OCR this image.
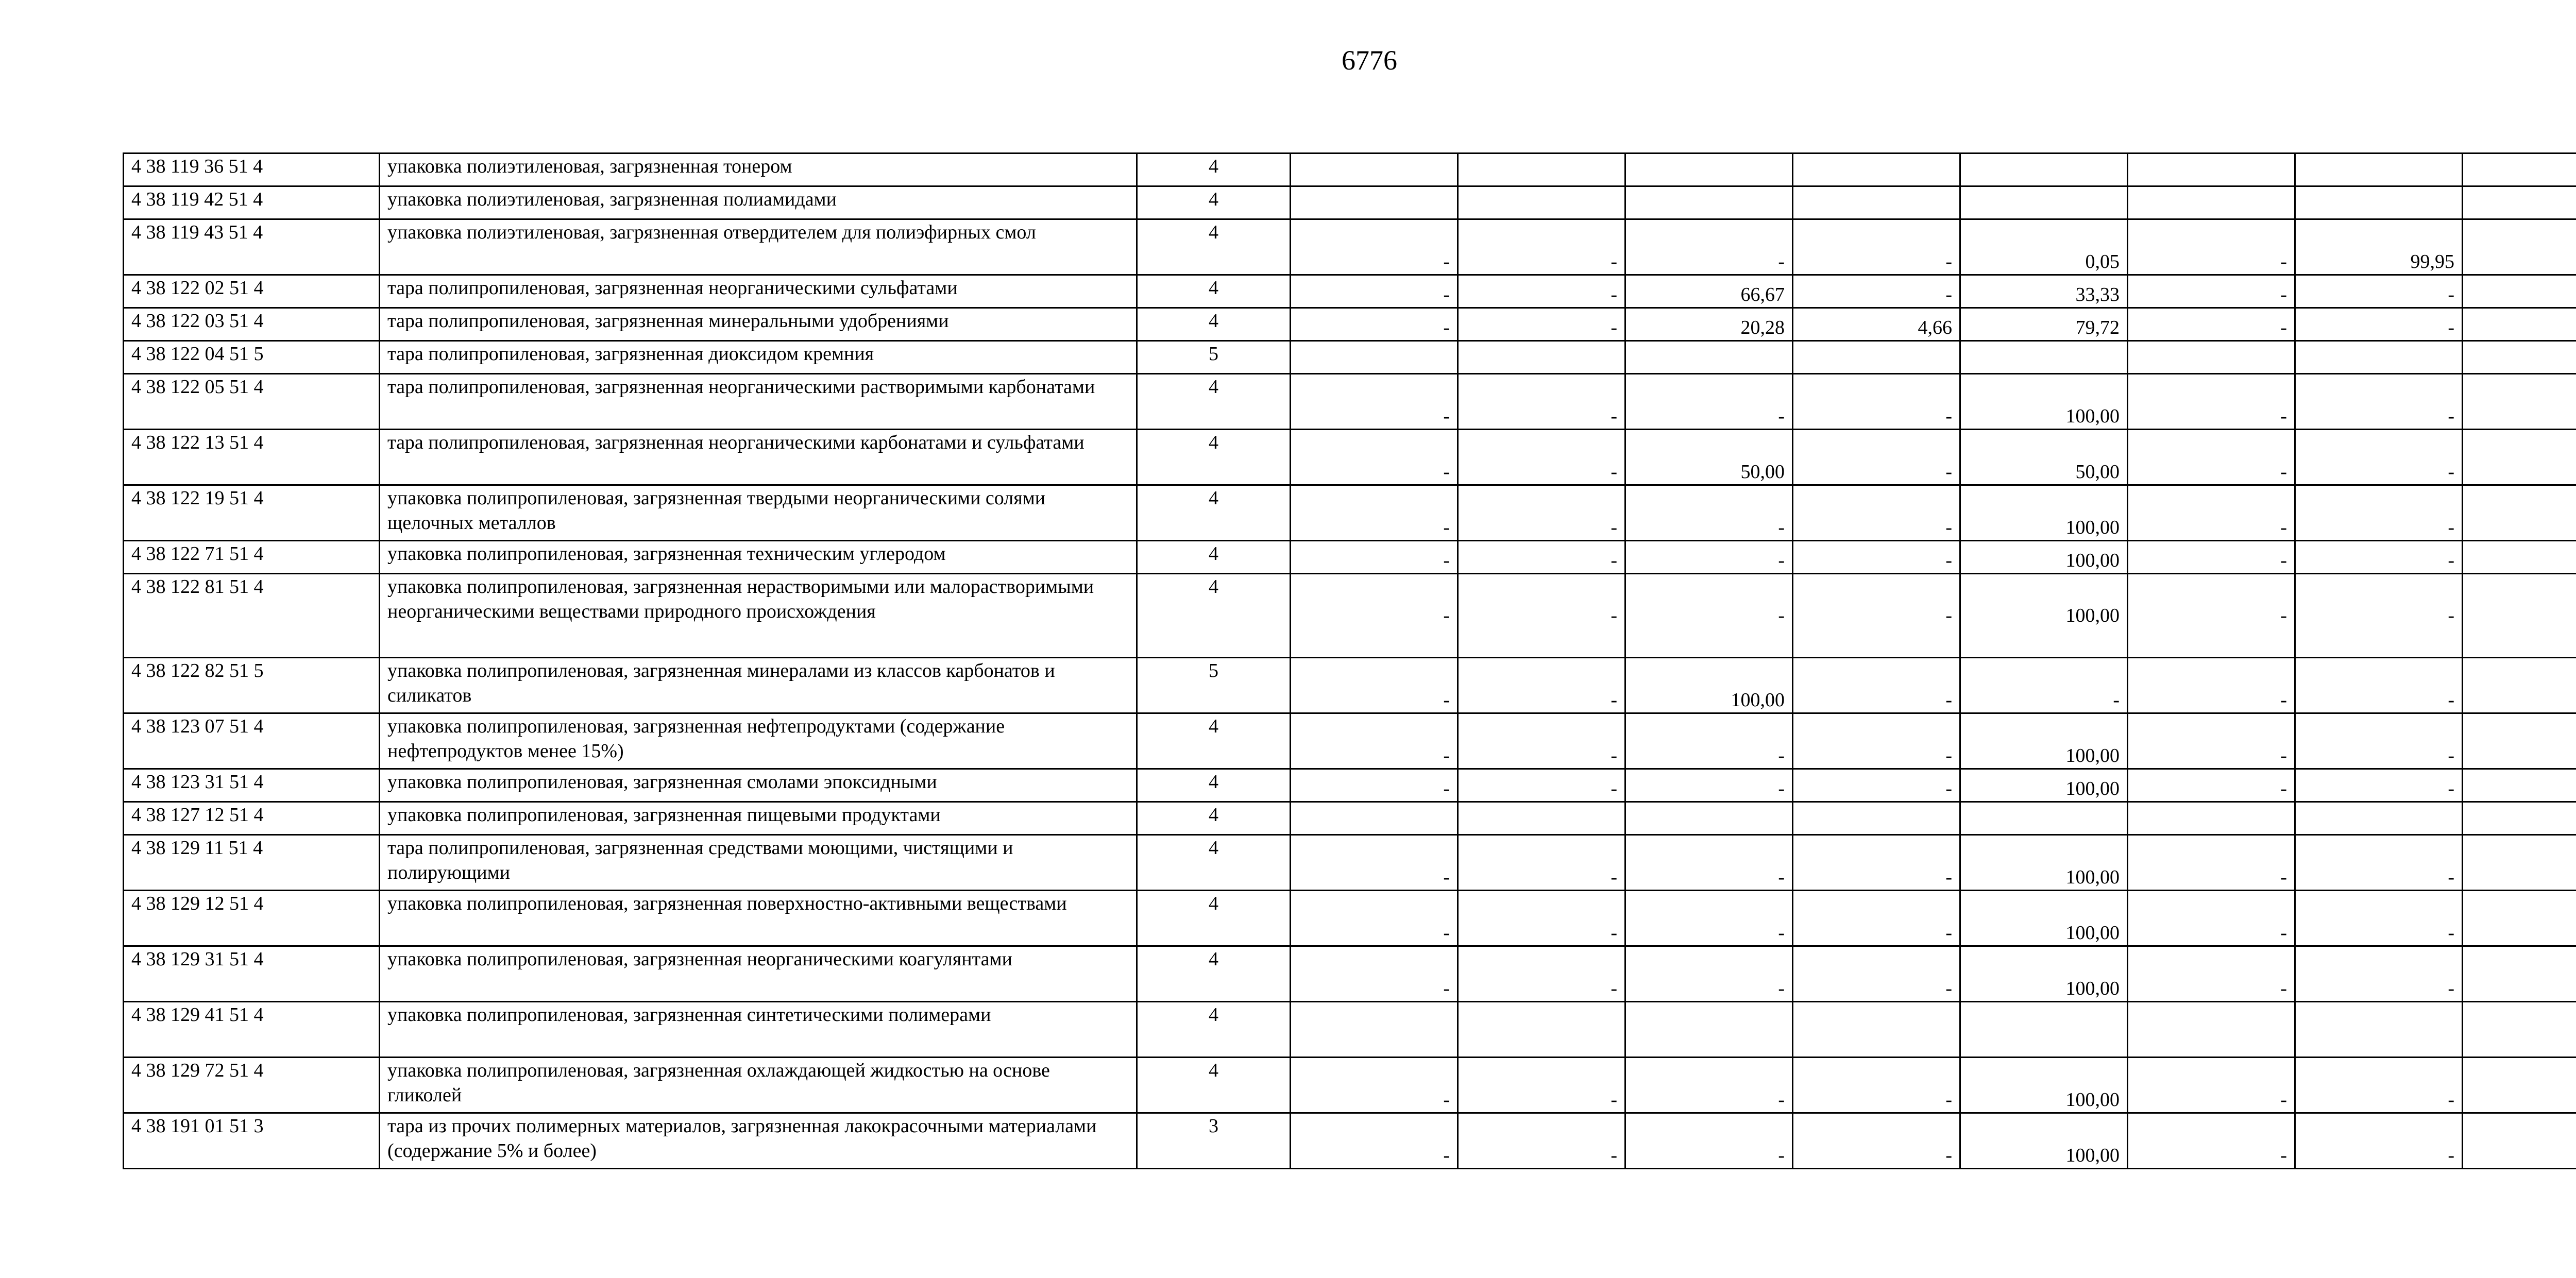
6776
4 38 119 36 51 4	упаковка полиэтиленовая, загрязненная тонером	4								
4 38 119 42 51 4	упаковка полиэтиленовая, загрязненная полиамидами	4								
4 38 119 43 51 4	упаковка полиэтиленовая, загрязненная отвердителем для полиэфирных смол	4	-	-	-	-	0,05	-	99,95	
4 38 122 02 51 4	тара полипропиленовая, загрязненная неорганическими сульфатами	4	-	-	66,67	-	33,33	-	-	
4 38 122 03 51 4	тара полипропиленовая, загрязненная минеральными удобрениями	4	-	-	20,28	4,66	79,72	-	-	
4 38 122 04 51 5	тара полипропиленовая, загрязненная диоксидом кремния	5								
4 38 122 05 51 4	тара полипропиленовая, загрязненная неорганическими растворимыми карбонатами	4	-	-	-	-	100,00	-	-	
4 38 122 13 51 4	тара полипропиленовая, загрязненная неорганическими карбонатами и сульфатами	4	-	-	50,00	-	50,00	-	-	
4 38 122 19 51 4	упаковка полипропиленовая, загрязненная твердыми неорганическими солями щелочных металлов	4	-	-	-	-	100,00	-	-	
4 38 122 71 51 4	упаковка полипропиленовая, загрязненная техническим углеродом	4	-	-	-	-	100,00	-	-	
4 38 122 81 51 4	упаковка полипропиленовая, загрязненная нерастворимыми или малорастворимыми неорганическими веществами природного происхождения	4	-	-	-	-	100,00	-	-	
4 38 122 82 51 5	упаковка полипропиленовая, загрязненная минералами из классов карбонатов и силикатов	5	-	-	100,00	-	-	-	-	
4 38 123 07 51 4	упаковка полипропиленовая, загрязненная нефтепродуктами (содержание нефтепродуктов менее 15%)	4	-	-	-	-	100,00	-	-	
4 38 123 31 51 4	упаковка полипропиленовая, загрязненная смолами эпоксидными	4	-	-	-	-	100,00	-	-	
4 38 127 12 51 4	упаковка полипропиленовая, загрязненная пищевыми продуктами	4								
4 38 129 11 51 4	тара полипропиленовая, загрязненная средствами моющими, чистящими и полирующими	4	-	-	-	-	100,00	-	-	
4 38 129 12 51 4	упаковка полипропиленовая, загрязненная поверхностно-активными веществами	4	-	-	-	-	100,00	-	-	
4 38 129 31 51 4	упаковка полипропиленовая, загрязненная неорганическими коагулянтами	4	-	-	-	-	100,00	-	-	
4 38 129 41 51 4	упаковка полипропиленовая, загрязненная синтетическими полимерами	4								
4 38 129 72 51 4	упаковка полипропиленовая, загрязненная охлаждающей жидкостью на основе гликолей	4	-	-	-	-	100,00	-	-	
4 38 191 01 51 3	тара из прочих полимерных материалов, загрязненная лакокрасочными материалами (содержание 5% и более)	3	-	-	-	-	100,00	-	-	
